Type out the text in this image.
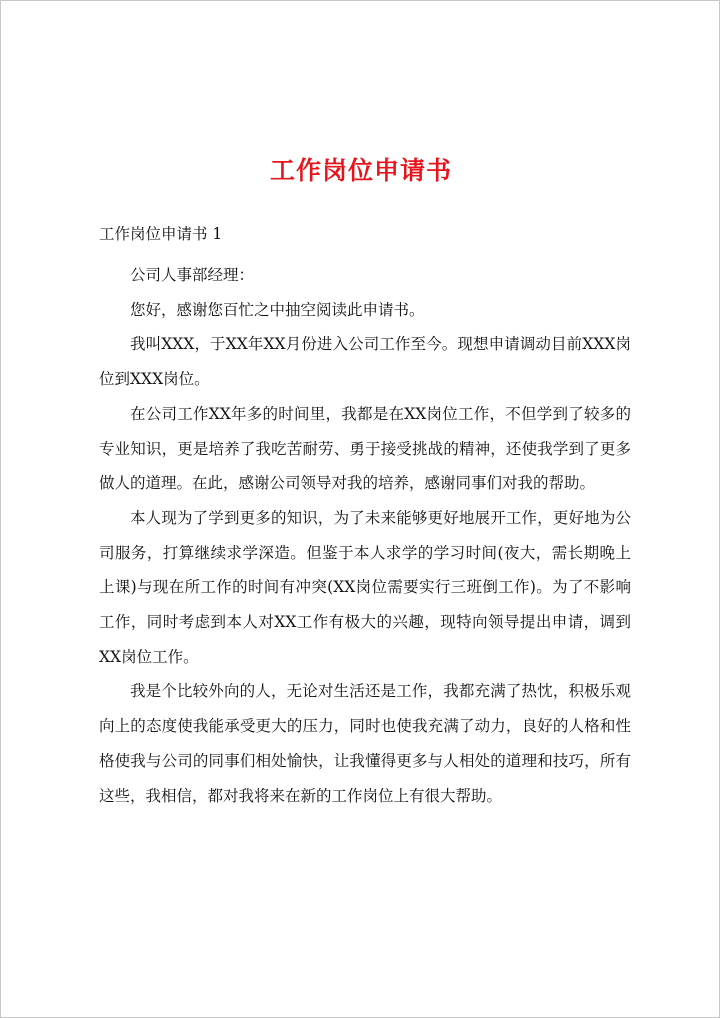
工作岗位申请书

工作岗位申请书 1

公司人事部经理：

您好，感谢您百忙之中抽空阅读此申请书。

我叫XXX，于XX年XX月份进入公司工作至今。现想申请调动目前XXX岗位到XXX岗位。

在公司工作XX年多的时间里，我都是在XX岗位工作，不但学到了较多的专业知识，更是培养了我吃苦耐劳、勇于接受挑战的精神，还使我学到了更多做人的道理。在此，感谢公司领导对我的培养，感谢同事们对我的帮助。

本人现为了学到更多的知识，为了未来能够更好地展开工作，更好地为公司服务，打算继续求学深造。但鉴于本人求学的学习时间(夜大，需长期晚上上课)与现在所工作的时间有冲突(XX岗位需要实行三班倒工作)。为了不影响工作，同时考虑到本人对XX工作有极大的兴趣，现特向领导提出申请，调到XX岗位工作。

我是个比较外向的人，无论对生活还是工作，我都充满了热忱，积极乐观向上的态度使我能承受更大的压力，同时也使我充满了动力，良好的人格和性格使我与公司的同事们相处愉快，让我懂得更多与人相处的道理和技巧，所有这些，我相信，都对我将来在新的工作岗位上有很大帮助。
